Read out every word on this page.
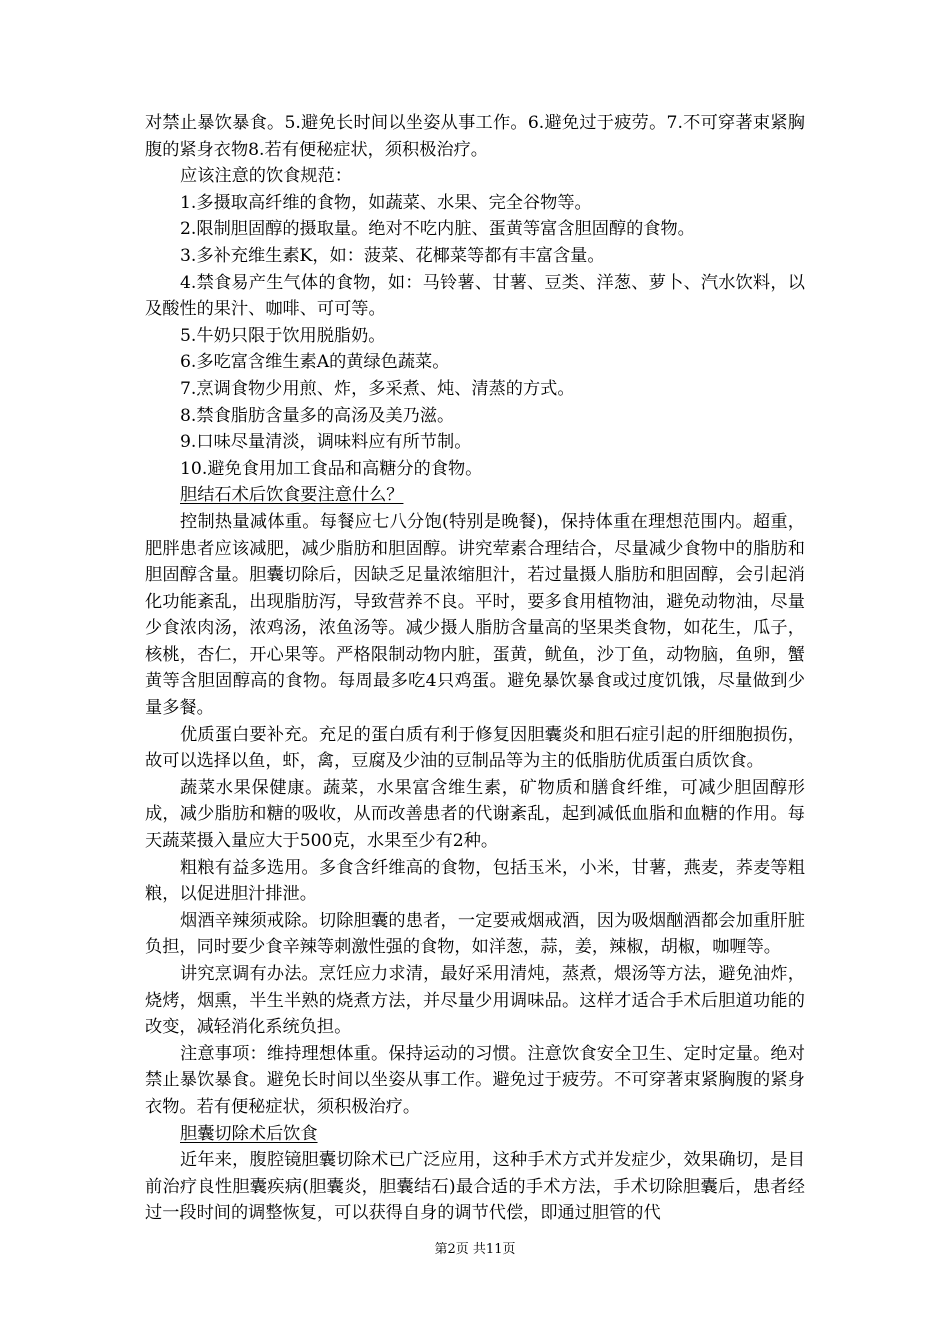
对禁止暴饮暴食。5.避免长时间以坐姿从事工作。6.避免过于疲劳。7.不可穿著束紧胸腹的紧身衣物8.若有便秘症状，须积极治疗。

应该注意的饮食规范：

1.多摄取高纤维的食物，如蔬菜、水果、完全谷物等。

2.限制胆固醇的摄取量。绝对不吃内脏、蛋黄等富含胆固醇的食物。

3.多补充维生素K，如：菠菜、花椰菜等都有丰富含量。

4.禁食易产生气体的食物，如：马铃薯、甘薯、豆类、洋葱、萝卜、汽水饮料，以及酸性的果汁、咖啡、可可等。

5.牛奶只限于饮用脱脂奶。

6.多吃富含维生素A的黄绿色蔬菜。

7.烹调食物少用煎、炸，多采煮、炖、清蒸的方式。

8.禁食脂肪含量多的高汤及美乃滋。

9.口味尽量清淡，调味料应有所节制。

10.避免食用加工食品和高糖分的食物。

胆结石术后饮食要注意什么？

控制热量减体重。每餐应七八分饱(特别是晚餐)，保持体重在理想范围内。超重，肥胖患者应该减肥，减少脂肪和胆固醇。讲究荤素合理结合，尽量减少食物中的脂肪和胆固醇含量。胆囊切除后，因缺乏足量浓缩胆汁，若过量摄人脂肪和胆固醇，会引起消化功能紊乱，出现脂肪泻，导致营养不良。平时，要多食用植物油，避免动物油，尽量少食浓肉汤，浓鸡汤，浓鱼汤等。减少摄人脂肪含量高的坚果类食物，如花生，瓜子，核桃，杏仁，开心果等。严格限制动物内脏，蛋黄，鱿鱼，沙丁鱼，动物脑，鱼卵，蟹黄等含胆固醇高的食物。每周最多吃4只鸡蛋。避免暴饮暴食或过度饥饿，尽量做到少量多餐。

优质蛋白要补充。充足的蛋白质有利于修复因胆囊炎和胆石症引起的肝细胞损伤，故可以选择以鱼，虾，禽，豆腐及少油的豆制品等为主的低脂肪优质蛋白质饮食。

蔬菜水果保健康。蔬菜，水果富含维生素，矿物质和膳食纤维，可减少胆固醇形成，减少脂肪和糖的吸收，从而改善患者的代谢紊乱，起到减低血脂和血糖的作用。每天蔬菜摄入量应大于500克，水果至少有2种。

粗粮有益多选用。多食含纤维高的食物，包括玉米，小米，甘薯，燕麦，荞麦等粗粮，以促进胆汁排泄。

烟酒辛辣须戒除。切除胆囊的患者，一定要戒烟戒酒，因为吸烟酗酒都会加重肝脏负担，同时要少食辛辣等刺激性强的食物，如洋葱，蒜，姜，辣椒，胡椒，咖喱等。

讲究烹调有办法。烹饪应力求清，最好采用清炖，蒸煮，煨汤等方法，避免油炸，烧烤，烟熏，半生半熟的烧煮方法，并尽量少用调味品。这样才适合手术后胆道功能的改变，减轻消化系统负担。

注意事项：维持理想体重。保持运动的习惯。注意饮食安全卫生、定时定量。绝对禁止暴饮暴食。避免长时间以坐姿从事工作。避免过于疲劳。不可穿著束紧胸腹的紧身衣物。若有便秘症状，须积极治疗。

胆囊切除术后饮食

近年来，腹腔镜胆囊切除术已广泛应用，这种手术方式并发症少，效果确切，是目前治疗良性胆囊疾病(胆囊炎，胆囊结石)最合适的手术方法，手术切除胆囊后，患者经过一段时间的调整恢复，可以获得自身的调节代偿，即通过胆管的代

第2页 共11页
